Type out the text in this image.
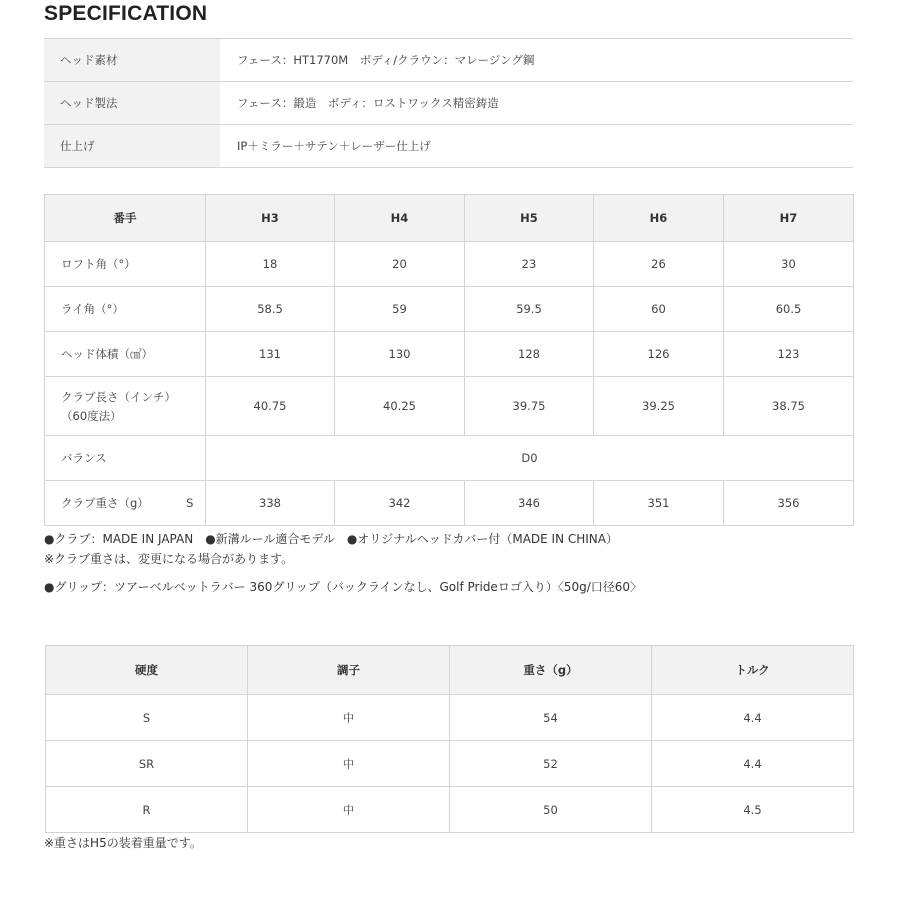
SPECIFICATION
ヘッド素材	フェース：HT1770M　ボディ/クラウン：マレージング鋼
ヘッド製法	フェース：鍛造　ボディ：ロストワックス精密鋳造
仕上げ	IP＋ミラー＋サテン＋レーザー仕上げ
番手		H3	H4	H5	H6	H7
ロフト角（°）		18	20	23	26	30
ライ角（°）		58.5	59	59.5	60	60.5
ヘッド体積（㎤）		131	130	128	126	123

クラブ長さ（インチ）
（60度法）		40.75	40.25	39.75	39.25	38.75
バランス		D0				
クラブ重さ（g）	S	338	342	346	351	356
●クラブ：MADE IN JAPAN　●新溝ルール適合モデル　●オリジナルヘッドカバー付（MADE IN CHINA）
※クラブ重さは、変更になる場合があります。
●グリップ：ツアーベルベットラバー 360グリップ（バックラインなし、Golf Prideロゴ入り）〈50g/口径60〉
硬度	調子	重さ（g）	トルク
S	中	54	4.4
SR	中	52	4.4
R	中	50	4.5
※重さはH5の装着重量です。
